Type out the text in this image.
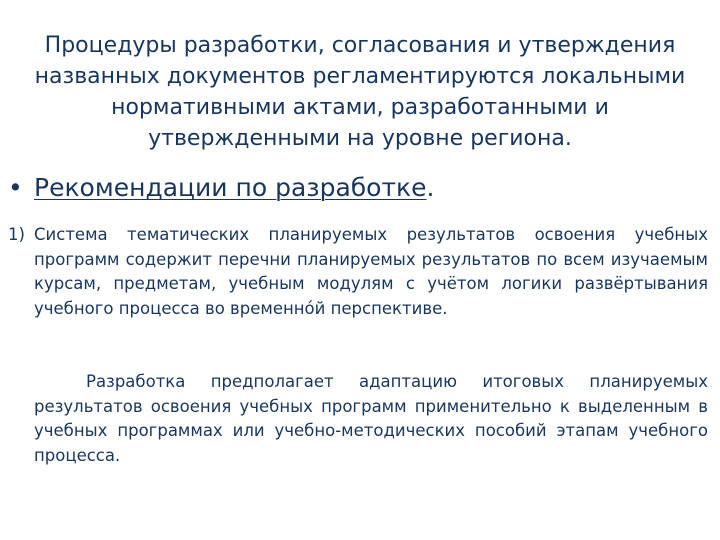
Процедуры разработки, согласования и утверждения названных документов регламентируются локальными нормативными актами, разработанными и утвержденными на уровне региона.

• Рекомендации по разработке.
1) Система тематических планируемых результатов освоения учебных программ содержит перечни планируемых результатов по всем изучаемым курсам, предметам, учебным модулям с учётом логики развёртывания учебного процесса во временнóй перспективе.

Разработка предполагает адаптацию итоговых планируемых результатов освоения учебных программ применительно к выделенным в учебных программах или учебно-методических пособий этапам учебного процесса.
